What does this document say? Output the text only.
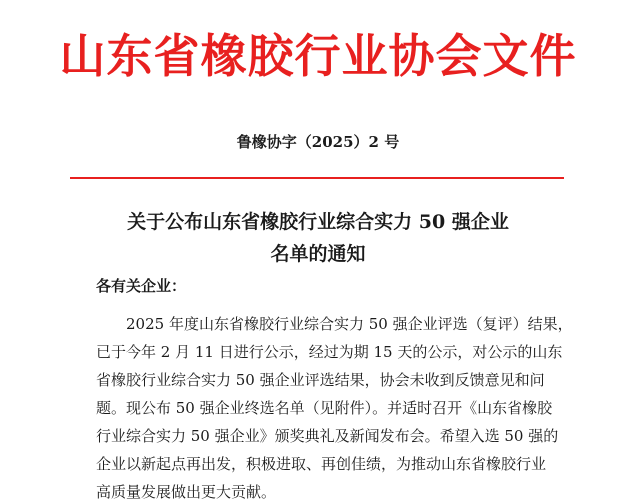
山东省橡胶行业协会文件
鲁橡协字（2025）2 号
关于公布山东省橡胶行业综合实力 50 强企业
名单的通知
各有关企业：
2025 年度山东省橡胶行业综合实力 50 强企业评选（复评）结果，
已于今年 2 月 11 日进行公示，经过为期 15 天的公示，对公示的山东
省橡胶行业综合实力 50 强企业评选结果，协会未收到反馈意见和问
题。现公布 50 强企业终选名单（见附件）。并适时召开《山东省橡胶
行业综合实力 50 强企业》颁奖典礼及新闻发布会。希望入选 50 强的
企业以新起点再出发，积极进取、再创佳绩，为推动山东省橡胶行业
高质量发展做出更大贡献。
